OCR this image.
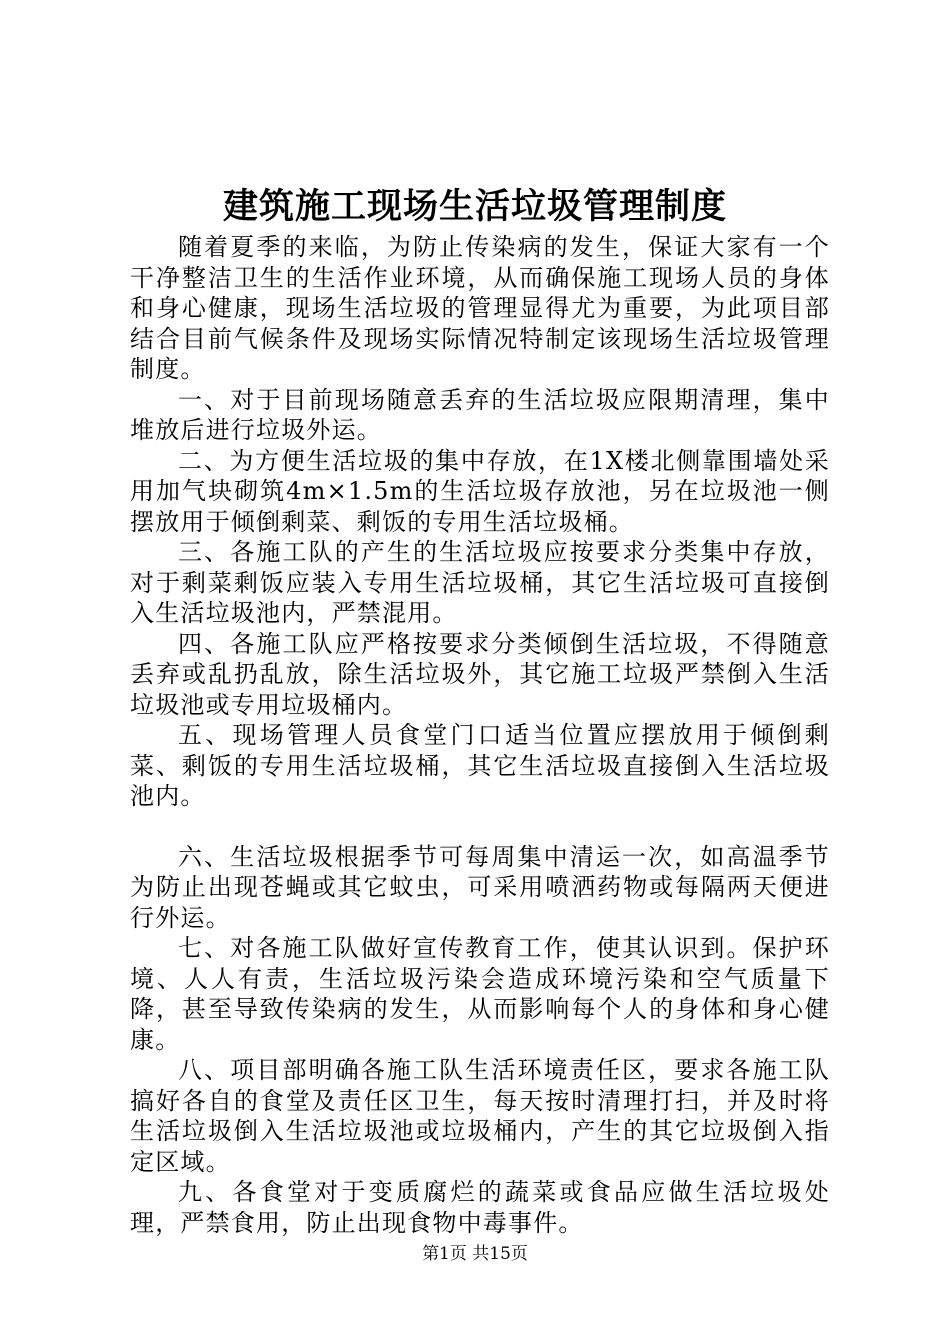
建筑施工现场生活垃圾管理制度

随着夏季的来临，为防止传染病的发生，保证大家有一个干净整洁卫生的生活作业环境，从而确保施工现场人员的身体和身心健康，现场生活垃圾的管理显得尤为重要，为此项目部结合目前气候条件及现场实际情况特制定该现场生活垃圾管理制度。

一、对于目前现场随意丢弃的生活垃圾应限期清理，集中堆放后进行垃圾外运。

二、为方便生活垃圾的集中存放，在1X楼北侧靠围墙处采用加气块砌筑4m×1.5m的生活垃圾存放池，另在垃圾池一侧摆放用于倾倒剩菜、剩饭的专用生活垃圾桶。

三、各施工队的产生的生活垃圾应按要求分类集中存放，对于剩菜剩饭应装入专用生活垃圾桶，其它生活垃圾可直接倒入生活垃圾池内，严禁混用。

四、各施工队应严格按要求分类倾倒生活垃圾，不得随意丢弃或乱扔乱放，除生活垃圾外，其它施工垃圾严禁倒入生活垃圾池或专用垃圾桶内。

五、现场管理人员食堂门口适当位置应摆放用于倾倒剩菜、剩饭的专用生活垃圾桶，其它生活垃圾直接倒入生活垃圾池内。

六、生活垃圾根据季节可每周集中清运一次，如高温季节为防止出现苍蝇或其它蚊虫，可采用喷洒药物或每隔两天便进行外运。

七、对各施工队做好宣传教育工作，使其认识到。保护环境、人人有责，生活垃圾污染会造成环境污染和空气质量下降，甚至导致传染病的发生，从而影响每个人的身体和身心健康。

八、项目部明确各施工队生活环境责任区，要求各施工队搞好各自的食堂及责任区卫生，每天按时清理打扫，并及时将生活垃圾倒入生活垃圾池或垃圾桶内，产生的其它垃圾倒入指定区域。

九、各食堂对于变质腐烂的蔬菜或食品应做生活垃圾处理，严禁食用，防止出现食物中毒事件。

第1页 共15页
